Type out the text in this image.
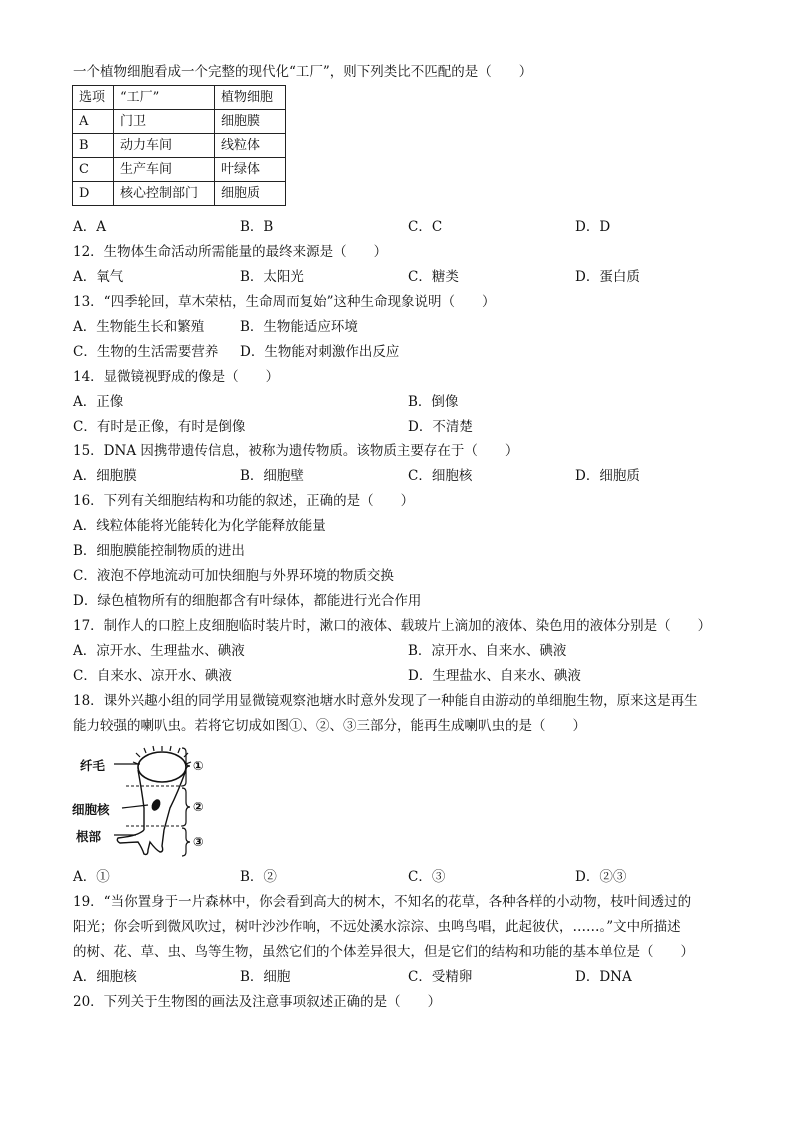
一个植物细胞看成一个完整的现代化“工厂”，则下列类比不匹配的是（　　）
选项	“工厂”	植物细胞
A	门卫	细胞膜
B	动力车间	线粒体
C	生产车间	叶绿体
D	核心控制部门	细胞质
A．A	B．B	C．C	D．D
12．生物体生命活动所需能量的最终来源是（　　）
A．氧气	B．太阳光	C．糖类	D．蛋白质
13．“四季轮回，草木荣枯，生命周而复始”这种生命现象说明（　　）
A．生物能生长和繁殖	B．生物能适应环境
C．生物的生活需要营养 D．生物能对刺激作出反应
14．显微镜视野成的像是（　　）
A．正像	B．倒像
C．有时是正像，有时是倒像	D．不清楚
15．DNA 因携带遗传信息，被称为遗传物质。该物质主要存在于（　　）
A．细胞膜	B．细胞壁	C．细胞核	D．细胞质
16．下列有关细胞结构和功能的叙述，正确的是（　　）
A．线粒体能将光能转化为化学能释放能量
B．细胞膜能控制物质的进出
C．液泡不停地流动可加快细胞与外界环境的物质交换
D．绿色植物所有的细胞都含有叶绿体，都能进行光合作用
17．制作人的口腔上皮细胞临时装片时，漱口的液体、载玻片上滴加的液体、染色用的液体分别是（　　）
A．凉开水、生理盐水、碘液	B．凉开水、自来水、碘液
C．自来水、凉开水、碘液	D．生理盐水、自来水、碘液
18．课外兴趣小组的同学用显微镜观察池塘水时意外发现了一种能自由游动的单细胞生物，原来这是再生
能力较强的喇叭虫。若将它切成如图①、②、③三部分，能再生成喇叭虫的是（　　）
纤毛
细胞核
根部
①
②
③
A．①	B．②	C．③	D．②③
19．“当你置身于一片森林中，你会看到高大的树木，不知名的花草，各种各样的小动物，枝叶间透过的
阳光；你会听到微风吹过，树叶沙沙作响，不远处溪水淙淙、虫鸣鸟唱，此起彼伏，……。”文中所描述
的树、花、草、虫、鸟等生物，虽然它们的个体差异很大，但是它们的结构和功能的基本单位是（　　）
A．细胞核	B．细胞	C．受精卵	D．DNA
20．下列关于生物图的画法及注意事项叙述正确的是（　　）
